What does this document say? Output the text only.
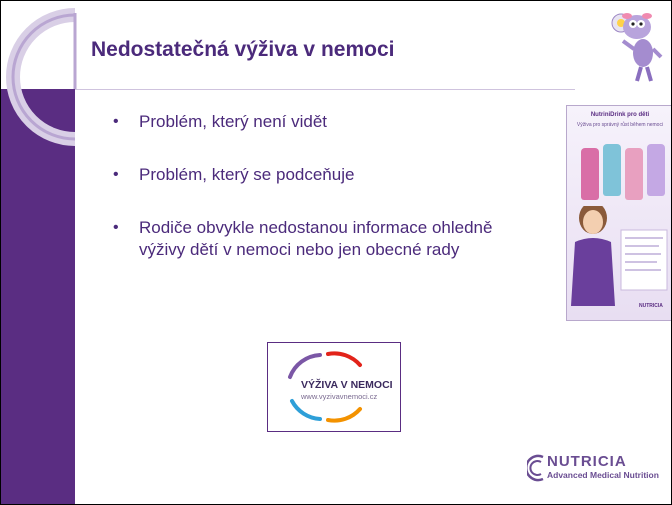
Nedostatečná výživa v nemoci
• Problém, který není vidět
• Problém, který se podceňuje
• Rodiče obvykle nedostanou informace ohledně výživy dětí v nemoci nebo jen obecné rady
NutriniDrink pro děti
Výživa pro správný růst během nemoci
NUTRICIA
VÝŽIVA V NEMOCI
www.vyzivavnemoci.cz
NUTRICIA
Advanced Medical Nutrition
